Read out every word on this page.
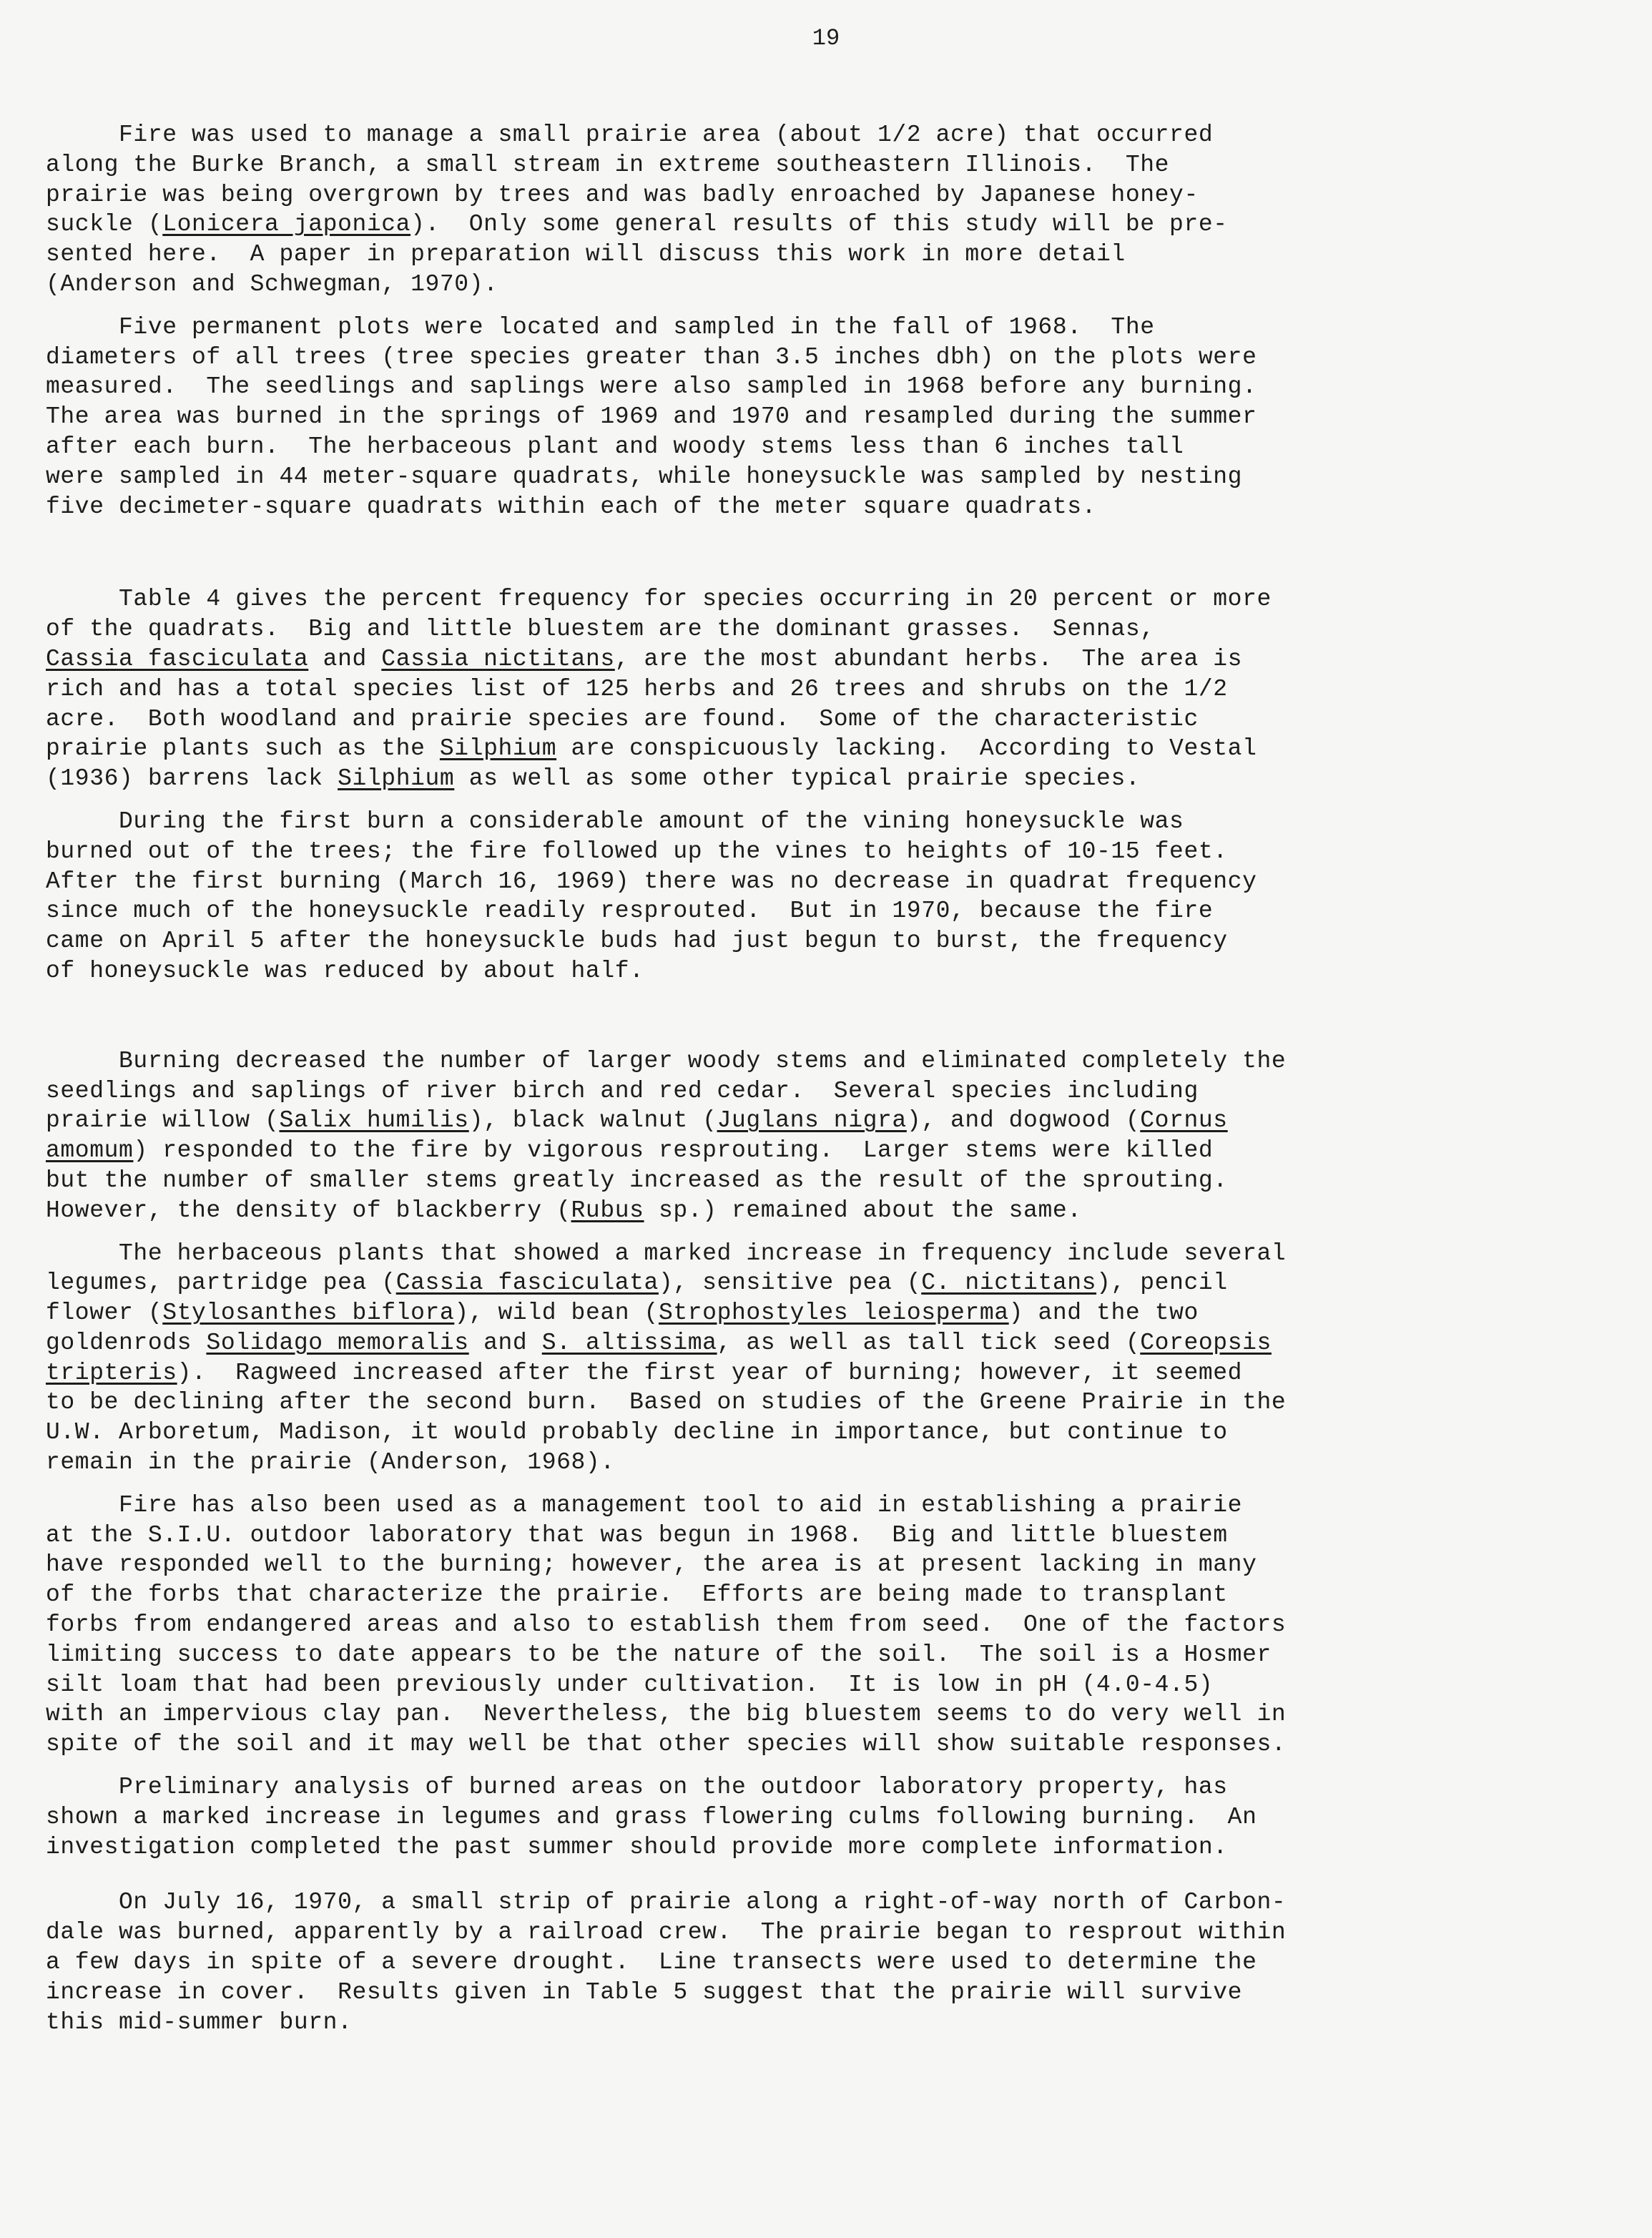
19

Fire was used to manage a small prairie area (about 1/2 acre) that occurred
along the Burke Branch, a small stream in extreme southeastern Illinois.  The
prairie was being overgrown by trees and was badly enroached by Japanese honey-
suckle (Lonicera japonica).  Only some general results of this study will be pre-
sented here.  A paper in preparation will discuss this work in more detail
(Anderson and Schwegman, 1970).

Five permanent plots were located and sampled in the fall of 1968.  The
diameters of all trees (tree species greater than 3.5 inches dbh) on the plots were
measured.  The seedlings and saplings were also sampled in 1968 before any burning.
The area was burned in the springs of 1969 and 1970 and resampled during the summer
after each burn.  The herbaceous plant and woody stems less than 6 inches tall
were sampled in 44 meter-square quadrats, while honeysuckle was sampled by nesting
five decimeter-square quadrats within each of the meter square quadrats.

Table 4 gives the percent frequency for species occurring in 20 percent or more
of the quadrats.  Big and little bluestem are the dominant grasses.  Sennas,
Cassia fasciculata and Cassia nictitans, are the most abundant herbs.  The area is
rich and has a total species list of 125 herbs and 26 trees and shrubs on the 1/2
acre.  Both woodland and prairie species are found.  Some of the characteristic
prairie plants such as the Silphium are conspicuously lacking.  According to Vestal
(1936) barrens lack Silphium as well as some other typical prairie species.

During the first burn a considerable amount of the vining honeysuckle was
burned out of the trees; the fire followed up the vines to heights of 10-15 feet.
After the first burning (March 16, 1969) there was no decrease in quadrat frequency
since much of the honeysuckle readily resprouted.  But in 1970, because the fire
came on April 5 after the honeysuckle buds had just begun to burst, the frequency
of honeysuckle was reduced by about half.

Burning decreased the number of larger woody stems and eliminated completely the
seedlings and saplings of river birch and red cedar.  Several species including
prairie willow (Salix humilis), black walnut (Juglans nigra), and dogwood (Cornus
amomum) responded to the fire by vigorous resprouting.  Larger stems were killed
but the number of smaller stems greatly increased as the result of the sprouting.
However, the density of blackberry (Rubus sp.) remained about the same.

The herbaceous plants that showed a marked increase in frequency include several
legumes, partridge pea (Cassia fasciculata), sensitive pea (C. nictitans), pencil
flower (Stylosanthes biflora), wild bean (Strophostyles leiosperma) and the two
goldenrods Solidago memoralis and S. altissima, as well as tall tick seed (Coreopsis
tripteris).  Ragweed increased after the first year of burning; however, it seemed
to be declining after the second burn.  Based on studies of the Greene Prairie in the
U.W. Arboretum, Madison, it would probably decline in importance, but continue to
remain in the prairie (Anderson, 1968).

Fire has also been used as a management tool to aid in establishing a prairie
at the S.I.U. outdoor laboratory that was begun in 1968.  Big and little bluestem
have responded well to the burning; however, the area is at present lacking in many
of the forbs that characterize the prairie.  Efforts are being made to transplant
forbs from endangered areas and also to establish them from seed.  One of the factors
limiting success to date appears to be the nature of the soil.  The soil is a Hosmer
silt loam that had been previously under cultivation.  It is low in pH (4.0-4.5)
with an impervious clay pan.  Nevertheless, the big bluestem seems to do very well in
spite of the soil and it may well be that other species will show suitable responses.

Preliminary analysis of burned areas on the outdoor laboratory property, has
shown a marked increase in legumes and grass flowering culms following burning.  An
investigation completed the past summer should provide more complete information.

On July 16, 1970, a small strip of prairie along a right-of-way north of Carbon-
dale was burned, apparently by a railroad crew.  The prairie began to resprout within
a few days in spite of a severe drought.  Line transects were used to determine the
increase in cover.  Results given in Table 5 suggest that the prairie will survive
this mid-summer burn.
